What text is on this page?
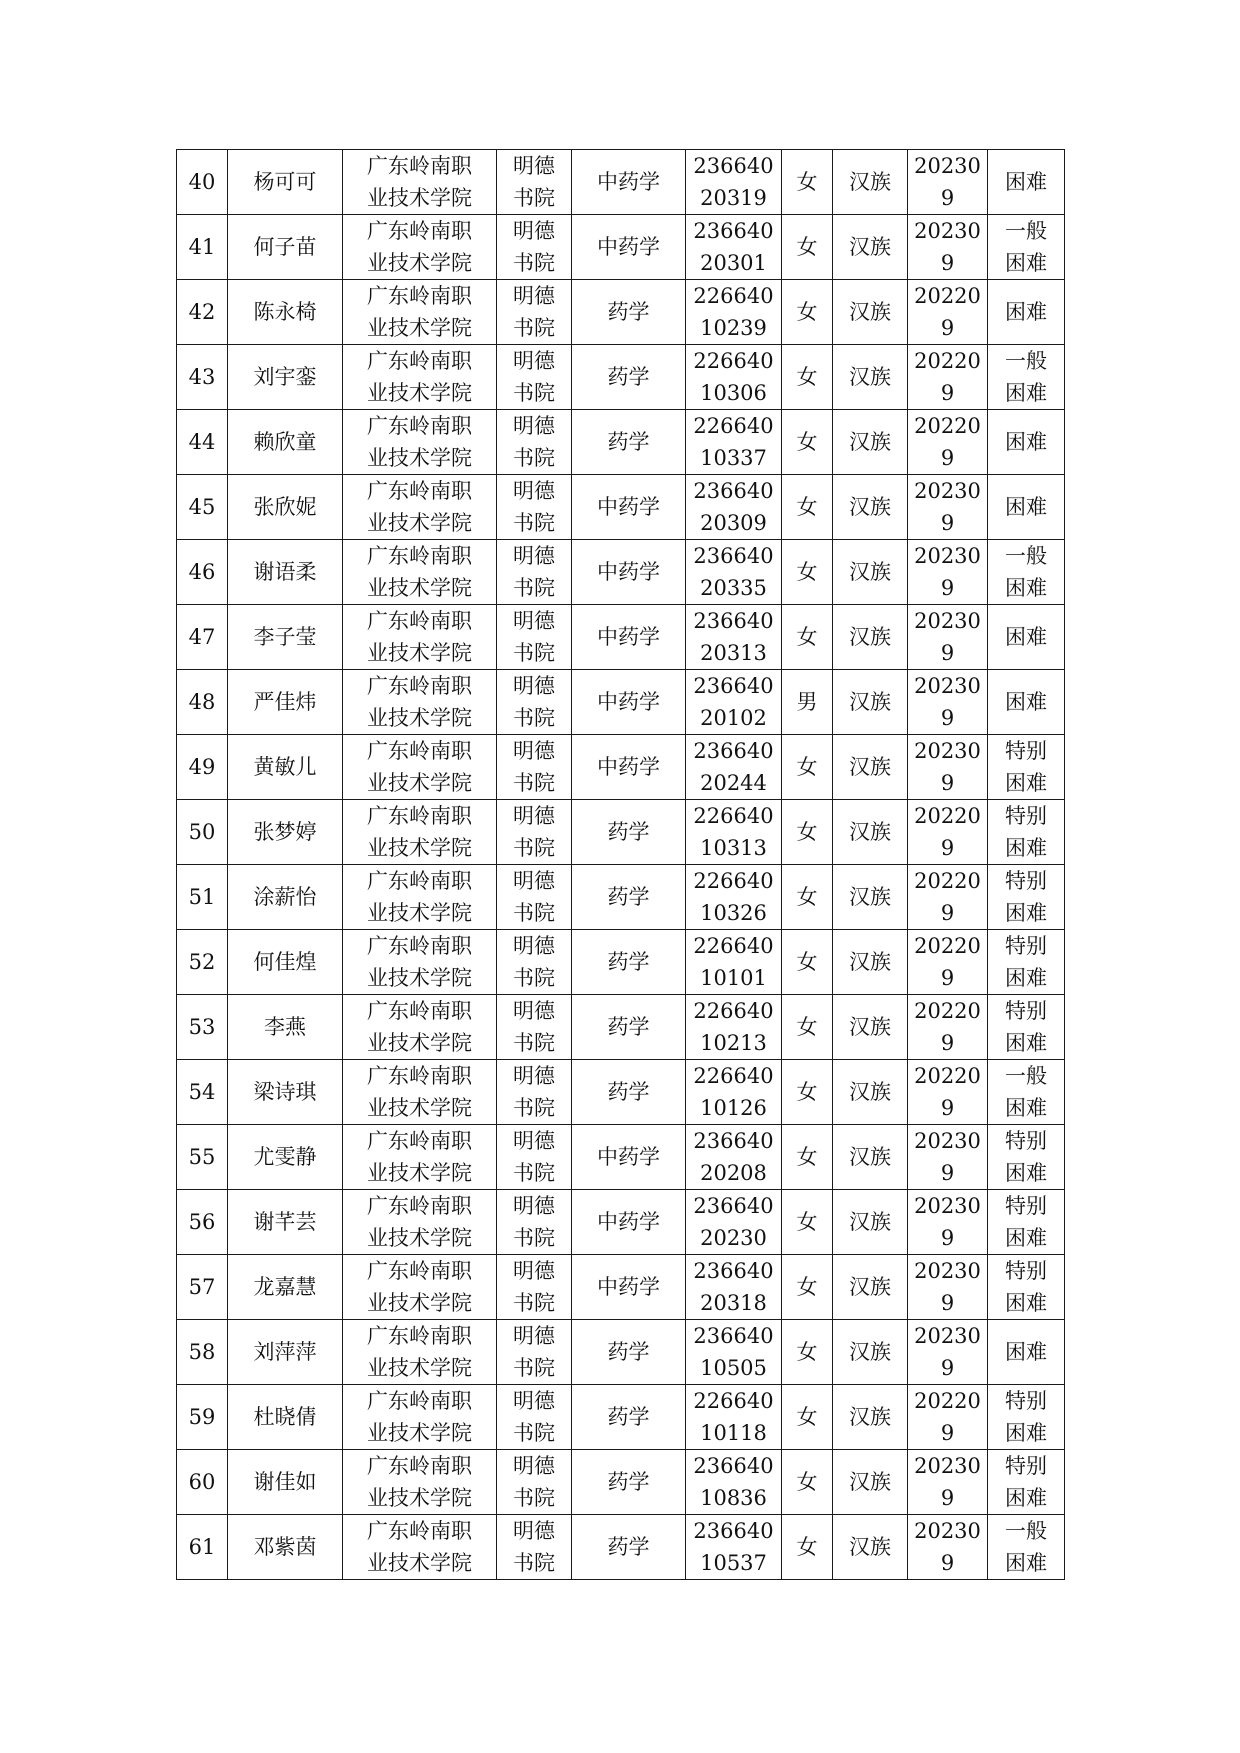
40	杨可可	广东岭南职
业技术学院	明德
书院	中药学	236640
20319	女	汉族	20230
9	困难

41	何子苗	广东岭南职
业技术学院	明德
书院	中药学	236640
20301	女	汉族	20230
9	一般
困难

42	陈永椅	广东岭南职
业技术学院	明德
书院	药学	226640
10239	女	汉族	20220
9	困难

43	刘宇銮	广东岭南职
业技术学院	明德
书院	药学	226640
10306	女	汉族	20220
9	一般
困难

44	赖欣童	广东岭南职
业技术学院	明德
书院	药学	226640
10337	女	汉族	20220
9	困难

45	张欣妮	广东岭南职
业技术学院	明德
书院	中药学	236640
20309	女	汉族	20230
9	困难

46	谢语柔	广东岭南职
业技术学院	明德
书院	中药学	236640
20335	女	汉族	20230
9	一般
困难

47	李子莹	广东岭南职
业技术学院	明德
书院	中药学	236640
20313	女	汉族	20230
9	困难

48	严佳炜	广东岭南职
业技术学院	明德
书院	中药学	236640
20102	男	汉族	20230
9	困难

49	黄敏儿	广东岭南职
业技术学院	明德
书院	中药学	236640
20244	女	汉族	20230
9	特别
困难

50	张梦婷	广东岭南职
业技术学院	明德
书院	药学	226640
10313	女	汉族	20220
9	特别
困难

51	涂薪怡	广东岭南职
业技术学院	明德
书院	药学	226640
10326	女	汉族	20220
9	特别
困难

52	何佳煌	广东岭南职
业技术学院	明德
书院	药学	226640
10101	女	汉族	20220
9	特别
困难

53	李燕	广东岭南职
业技术学院	明德
书院	药学	226640
10213	女	汉族	20220
9	特别
困难

54	梁诗琪	广东岭南职
业技术学院	明德
书院	药学	226640
10126	女	汉族	20220
9	一般
困难

55	尤雯静	广东岭南职
业技术学院	明德
书院	中药学	236640
20208	女	汉族	20230
9	特别
困难

56	谢芊芸	广东岭南职
业技术学院	明德
书院	中药学	236640
20230	女	汉族	20230
9	特别
困难

57	龙嘉慧	广东岭南职
业技术学院	明德
书院	中药学	236640
20318	女	汉族	20230
9	特别
困难

58	刘萍萍	广东岭南职
业技术学院	明德
书院	药学	236640
10505	女	汉族	20230
9	困难

59	杜晓倩	广东岭南职
业技术学院	明德
书院	药学	226640
10118	女	汉族	20220
9	特别
困难

60	谢佳如	广东岭南职
业技术学院	明德
书院	药学	236640
10836	女	汉族	20230
9	特别
困难

61	邓紫茵	广东岭南职
业技术学院	明德
书院	药学	236640
10537	女	汉族	20230
9	一般
困难
